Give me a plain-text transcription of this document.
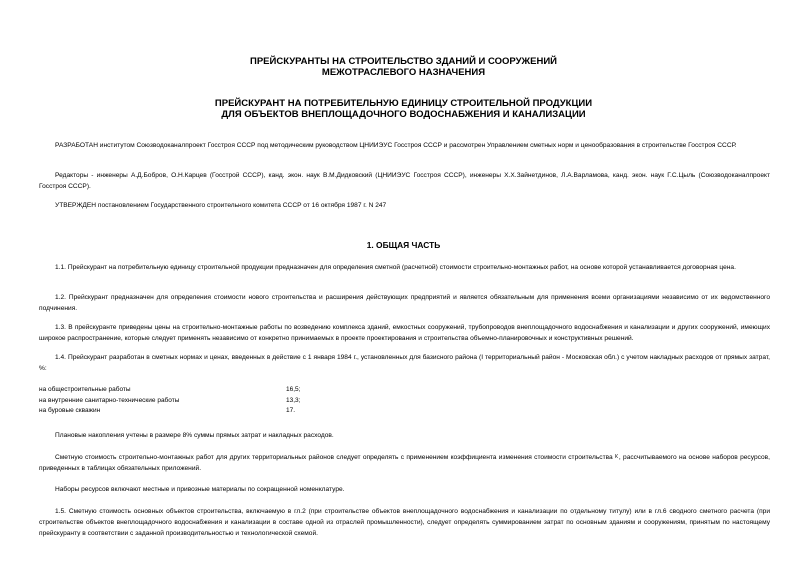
ПРЕЙСКУРАНТЫ НА СТРОИТЕЛЬСТВО ЗДАНИЙ И СООРУЖЕНИЙ

МЕЖОТРАСЛЕВОГО НАЗНАЧЕНИЯ

ПРЕЙСКУРАНТ НА ПОТРЕБИТЕЛЬНУЮ ЕДИНИЦУ СТРОИТЕЛЬНОЙ ПРОДУКЦИИ

ДЛЯ ОБЪЕКТОВ ВНЕПЛОЩАДОЧНОГО ВОДОСНАБЖЕНИЯ И КАНАЛИЗАЦИИ

РАЗРАБОТАН институтом Союзводоканалпроект Госстроя СССР под методическим руководством ЦНИИЭУС Госстроя СССР и рассмотрен Управлением сметных норм и ценообразования в строительстве Госстроя СССР.

Редакторы - инженеры А.Д.Бобров, О.Н.Карцев (Госстрой СССР), канд. экон. наук В.М.Дидковский (ЦНИИЭУС Госстроя СССР), инженеры Х.Х.Зайнетдинов, Л.А.Варламова, канд. экон. наук Г.С.Цыль (Союзводоканалпроект Госстроя СССР).

УТВЕРЖДЕН постановлением Государственного строительного комитета СССР от 16 октября 1987 г. N 247

1. ОБЩАЯ ЧАСТЬ

1.1. Прейскурант на потребительную единицу строительной продукции предназначен для определения сметной (расчетной) стоимости строительно-монтажных работ, на основе которой устанавливается договорная цена.

1.2. Прейскурант предназначен для определения стоимости нового строительства и расширения действующих предприятий и является обязательным для применения всеми организациями независимо от их ведомственного подчинения.

1.3. В прейскуранте приведены цены на строительно-монтажные работы по возведению комплекса зданий, емкостных сооружений, трубопроводов внеплощадочного водоснабжения и канализации и других сооружений, имеющих широкое распространение, которые следует применять независимо от конкретно принимаемых в проекте проектирования и строительства объемно-планировочных и конструктивных решений.

1.4. Прейскурант разработан в сметных нормах и ценах, введенных в действие с 1 января 1984 г., установленных для базисного района (I территориальный район - Московская обл.) с учетом накладных расходов от прямых затрат, %:

на общестроительные работы	16,5;
на внутренние санитарно-технические работы	13,3;
на буровые скважин	17.

Плановые накопления учтены в размере 8% суммы прямых затрат и накладных расходов.

Сметную стоимость строительно-монтажных работ для других территориальных районов следует определять с применением коэффициента изменения стоимости строительства К, рассчитываемого на основе наборов ресурсов, приведенных в таблицах обязательных приложений.

Наборы ресурсов включают местные и привозные материалы по сокращенной номенклатуре.

1.5. Сметную стоимость основных объектов строительства, включаемую в гл.2 (при строительстве объектов внеплощадочного водоснабжения и канализации по отдельному титулу) или в гл.6 сводного сметного расчета (при строительстве объектов внеплощадочного водоснабжения и канализации в составе одной из отраслей промышленности), следует определять суммированием затрат по основным зданиям и сооружениям, принятым по настоящему прейскуранту в соответствии с заданной производительностью и технологической схемой.
